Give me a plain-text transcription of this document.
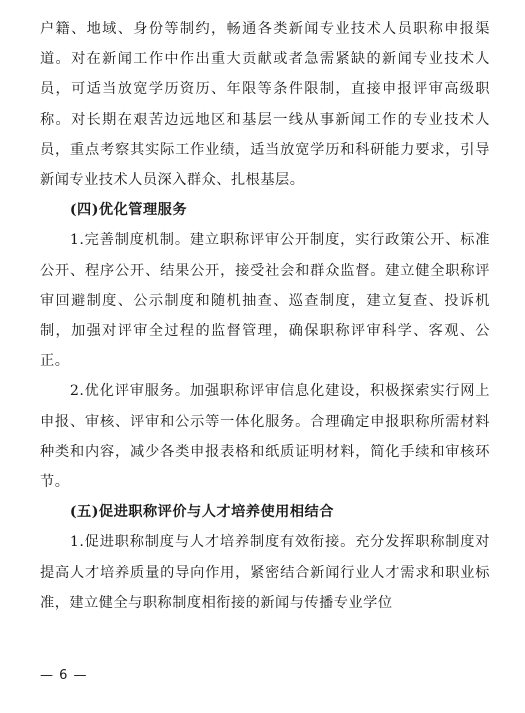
户籍、地域、身份等制约，畅通各类新闻专业技术人员职称申报渠道。对在新闻工作中作出重大贡献或者急需紧缺的新闻专业技术人员，可适当放宽学历资历、年限等条件限制，直接申报评审高级职称。对长期在艰苦边远地区和基层一线从事新闻工作的专业技术人员，重点考察其实际工作业绩，适当放宽学历和科研能力要求，引导新闻专业技术人员深入群众、扎根基层。

(四)优化管理服务

1.完善制度机制。建立职称评审公开制度，实行政策公开、标准公开、程序公开、结果公开，接受社会和群众监督。建立健全职称评审回避制度、公示制度和随机抽查、巡查制度，建立复查、投诉机制，加强对评审全过程的监督管理，确保职称评审科学、客观、公正。

2.优化评审服务。加强职称评审信息化建设，积极探索实行网上申报、审核、评审和公示等一体化服务。合理确定申报职称所需材料种类和内容，减少各类申报表格和纸质证明材料，简化手续和审核环节。

(五)促进职称评价与人才培养使用相结合

1.促进职称制度与人才培养制度有效衔接。充分发挥职称制度对提高人才培养质量的导向作用，紧密结合新闻行业人才需求和职业标准，建立健全与职称制度相衔接的新闻与传播专业学位

— 6 —
